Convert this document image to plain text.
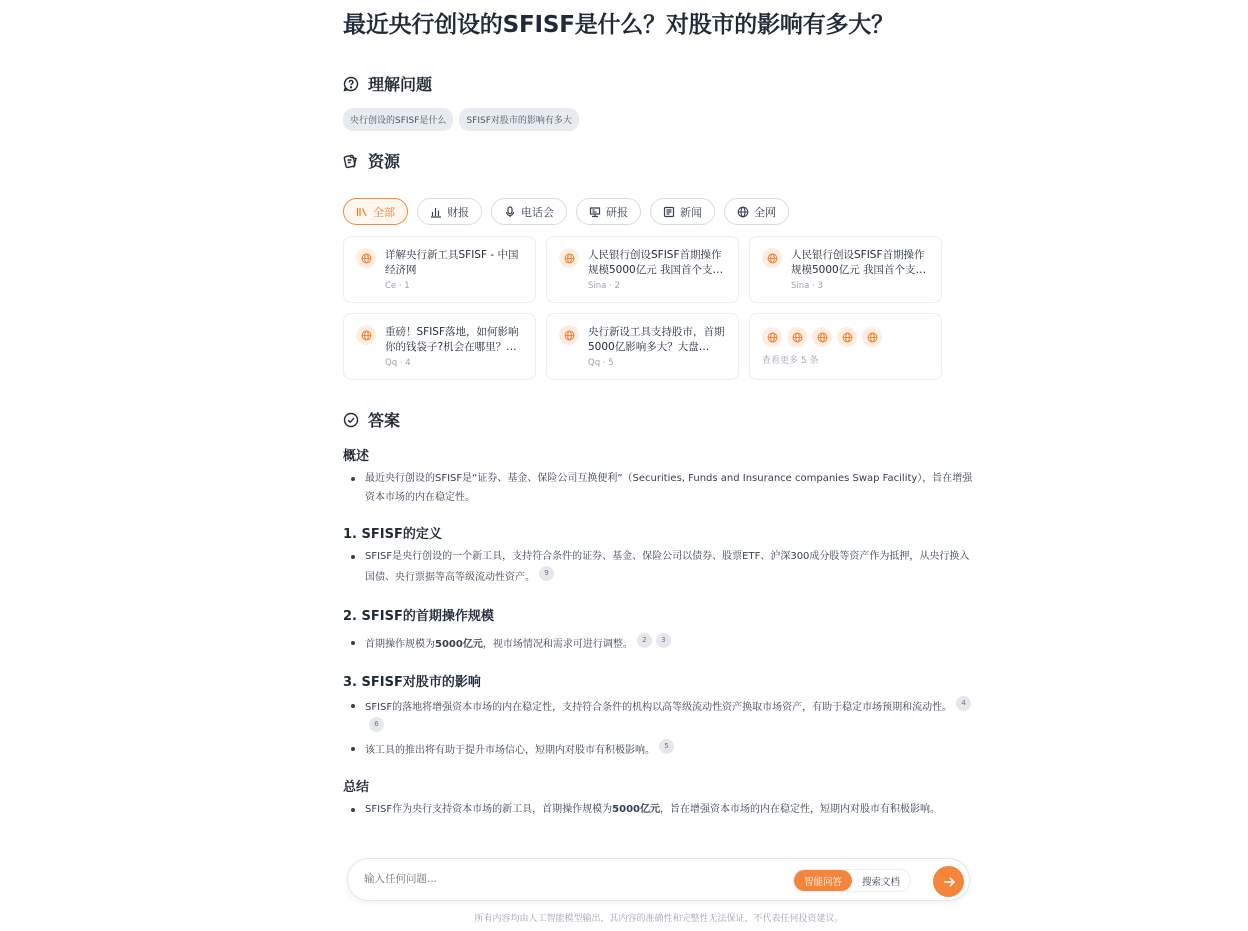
最近央行创设的SFISF是什么？对股市的影响有多大？
理解问题
央行创设的SFISF是什么	SFISF对股市的影响有多大
资源
全部	财报	电话会	研报	新闻	全网
详解央行新工具SFISF - 中国经济网
Ce · 1
人民银行创设SFISF首期操作规模5000亿元 我国首个支持
Sina · 2
人民银行创设SFISF首期操作规模5000亿元 我国首个支持
Sina · 3
重磅！SFISF落地，如何影响你的钱袋子?机会在哪里？…
Qq · 4
央行新设工具支持股市，首期5000亿影响多大？大盘…
Qq · 5	查看更多 5 条
答案
概述
最近央行创设的SFISF是“证券、基金、保险公司互换便利”（Securities, Funds and Insurance companies Swap Facility），旨在增强资本市场的内在稳定性。
1. SFISF的定义
SFISF是央行创设的一个新工具，支持符合条件的证券、基金、保险公司以债券、股票ETF、沪深300成分股等资产作为抵押，从央行换入国债、央行票据等高等级流动性资产。 9
2. SFISF的首期操作规模
首期操作规模为5000亿元，视市场情况和需求可进行调整。 2 3
3. SFISF对股市的影响
SFISF的落地将增强资本市场的内在稳定性，支持符合条件的机构以高等级流动性资产换取市场资产，有助于稳定市场预期和流动性。 46
该工具的推出将有助于提升市场信心，短期内对股市有积极影响。 5
总结
SFISF作为央行支持资本市场的新工具，首期操作规模为5000亿元，旨在增强资本市场的内在稳定性，短期内对股市有积极影响。
输入任何问题...
智能问答	搜索文档
所有内容均由人工智能模型输出，其内容的准确性和完整性无法保证，不代表任何投资建议。
